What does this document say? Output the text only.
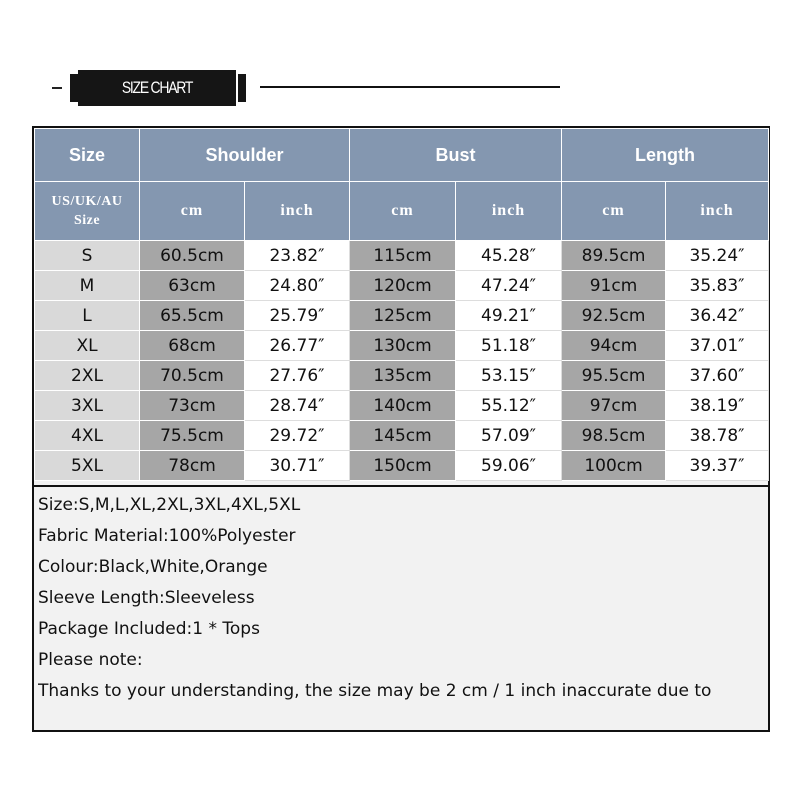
SIZE CHART
Size	Shoulder		Bust		Length	

US/UK/AU
Size	cm	inch	cm	inch	cm	inch
S	60.5cm	23.82″	115cm	45.28″	89.5cm	35.24″
M	63cm	24.80″	120cm	47.24″	91cm	35.83″
L	65.5cm	25.79″	125cm	49.21″	92.5cm	36.42″
XL	68cm	26.77″	130cm	51.18″	94cm	37.01″
2XL	70.5cm	27.76″	135cm	53.15″	95.5cm	37.60″
3XL	73cm	28.74″	140cm	55.12″	97cm	38.19″
4XL	75.5cm	29.72″	145cm	57.09″	98.5cm	38.78″
5XL	78cm	30.71″	150cm	59.06″	100cm	39.37″
Size:S,M,L,XL,2XL,3XL,4XL,5XL
Fabric Material:100%Polyester
Colour:Black,White,Orange
Sleeve Length:Sleeveless
Package Included:1 * Tops
Please note:
Thanks to your understanding, the size may be 2 cm / 1 inch inaccurate due to
